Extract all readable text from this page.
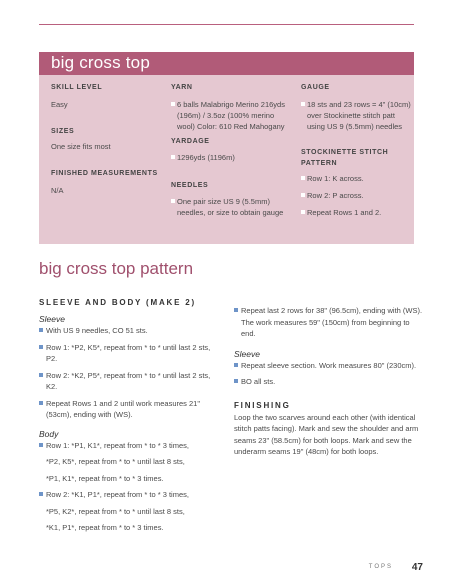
big cross top
SKILL LEVEL
Easy
SIZES
One size fits most
FINISHED MEASUREMENTS
N/A
YARN
6 balls Malabrigo Merino 216yds (196m) / 3.5oz (100% merino wool) Color: 610 Red Mahogany
YARDAGE
1296yds (1196m)
NEEDLES
One pair size US 9 (5.5mm) needles, or size to obtain gauge
GAUGE
18 sts and 23 rows = 4" (10cm) over Stockinette stitch patt using US 9 (5.5mm) needles
STOCKINETTE STITCH PATTERN
Row 1: K across.
Row 2: P across.
Repeat Rows 1 and 2.
big cross top pattern
SLEEVE AND BODY (MAKE 2)
Sleeve
With US 9 needles, CO 51 sts.
Row 1: *P2, K5*, repeat from * to * until last 2 sts, P2.
Row 2: *K2, P5*, repeat from * to * until last 2 sts, K2.
Repeat Rows 1 and 2 until work measures 21" (53cm), ending with (WS).
Body
Row 1: *P1, K1*, repeat from * to * 3 times,
*P2, K5*, repeat from * to * until last 8 sts,
*P1, K1*, repeat from * to * 3 times.
Row 2: *K1, P1*, repeat from * to * 3 times,
*P5, K2*, repeat from * to * until last 8 sts,
*K1, P1*, repeat from * to * 3 times.
Repeat last 2 rows for 38" (96.5cm), ending with (WS). The work measures 59" (150cm) from beginning to end.
Sleeve
Repeat sleeve section. Work measures 80" (230cm).
BO all sts.
FINISHING
Loop the two scarves around each other (with identical stitch patts facing). Mark and sew the shoulder and arm seams 23" (58.5cm) for both loops. Mark and sew the underarm seams 19" (48cm) for both loops.
TOPS 47
